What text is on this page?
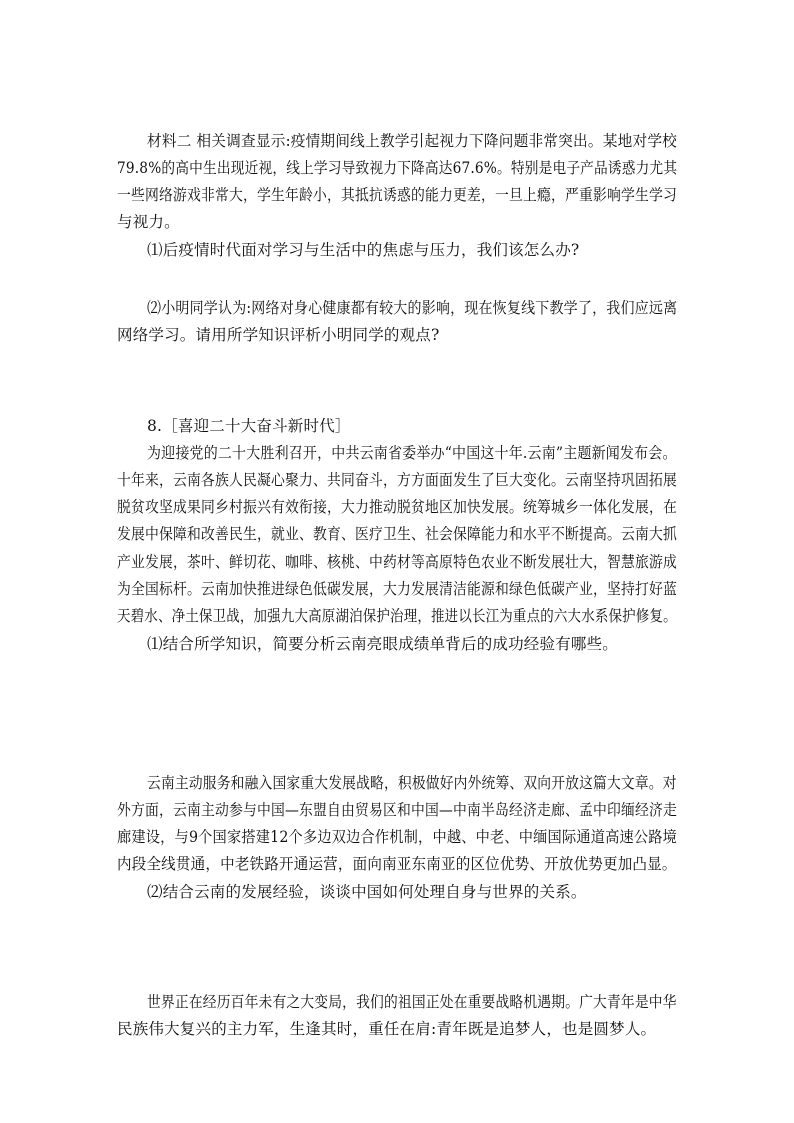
材料二 相关调查显示:疫情期间线上教学引起视力下降问题非常突出。某地对学校
79.8%的高中生出现近视，线上学习导致视力下降高达67.6%。特别是电子产品诱惑力尤其
一些网络游戏非常大，学生年龄小，其抵抗诱惑的能力更差，一旦上瘾，严重影响学生学习
与视力。
⑴后疫情时代面对学习与生活中的焦虑与压力，我们该怎么办?
⑵小明同学认为:网络对身心健康都有较大的影响，现在恢复线下教学了，我们应远离
网络学习。请用所学知识评析小明同学的观点?
8.［喜迎二十大奋斗新时代］
为迎接党的二十大胜利召开，中共云南省委举办“中国这十年.云南”主题新闻发布会。
十年来，云南各族人民凝心聚力、共同奋斗，方方面面发生了巨大变化。云南坚持巩固拓展
脱贫攻坚成果同乡村振兴有效衔接，大力推动脱贫地区加快发展。统筹城乡一体化发展，在
发展中保障和改善民生，就业、教育、医疗卫生、社会保障能力和水平不断提高。云南大抓
产业发展，茶叶、鲜切花、咖啡、核桃、中药材等高原特色农业不断发展壮大，智慧旅游成
为全国标杆。云南加快推进绿色低碳发展，大力发展清洁能源和绿色低碳产业，坚持打好蓝
天碧水、净土保卫战，加强九大高原湖泊保护治理，推进以长江为重点的六大水系保护修复。
⑴结合所学知识，简要分析云南亮眼成绩单背后的成功经验有哪些。
云南主动服务和融入国家重大发展战略，积极做好内外统筹、双向开放这篇大文章。对
外方面，云南主动参与中国—东盟自由贸易区和中国—中南半岛经济走廊、孟中印缅经济走
廊建设，与9个国家搭建12个多边双边合作机制，中越、中老、中缅国际通道高速公路境
内段全线贯通，中老铁路开通运营，面向南亚东南亚的区位优势、开放优势更加凸显。
⑵结合云南的发展经验，谈谈中国如何处理自身与世界的关系。
世界正在经历百年未有之大变局，我们的祖国正处在重要战略机遇期。广大青年是中华
民族伟大复兴的主力军，生逢其时，重任在肩:青年既是追梦人，也是圆梦人。
